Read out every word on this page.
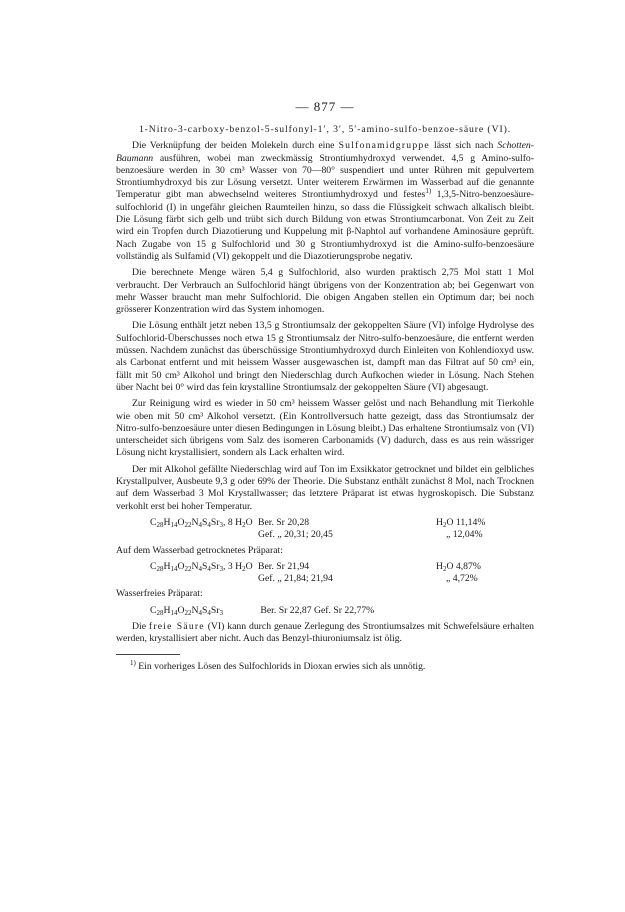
— 877 —
1-Nitro-3-carboxy-benzol-5-sulfonyl-1′, 3′, 5′-amino-sulfo-benzoe-säure (VI).

Die Verknüpfung der beiden Molekeln durch eine Sulfonamidgruppe lässt sich nach Schotten-Baumann ausführen, wobei man zweckmässig Strontiumhydroxyd verwendet. 4,5 g Amino-sulfo-benzoesäure werden in 30 cm³ Wasser von 70—80° suspendiert und unter Rühren mit gepulvertem Strontiumhydroxyd bis zur Lösung versetzt. Unter weiterem Erwärmen im Wasserbad auf die genannte Temperatur gibt man abwechselnd weiteres Strontiumhydroxyd und festes$^{1)}$ 1,3,5-Nitro-benzoesäure-sulfochlorid (I) in ungefähr gleichen Raumteilen hinzu, so dass die Flüssigkeit schwach alkalisch bleibt. Die Lösung färbt sich gelb und trübt sich durch Bildung von etwas Strontiumcarbonat. Von Zeit zu Zeit wird ein Tropfen durch Diazotierung und Kuppelung mit β-Naphtol auf vorhandene Aminosäure geprüft. Nach Zugabe von 15 g Sulfochlorid und 30 g Strontiumhydroxyd ist die Amino-sulfo-benzoesäure vollständig als Sulfamid (VI) gekoppelt und die Diazotierungsprobe negativ.

Die berechnete Menge wären 5,4 g Sulfochlorid, also wurden praktisch 2,75 Mol statt 1 Mol verbraucht. Der Verbrauch an Sulfochlorid hängt übrigens von der Konzentration ab; bei Gegenwart von mehr Wasser braucht man mehr Sulfochlorid. Die obigen Angaben stellen ein Optimum dar; bei noch grösserer Konzentration wird das System inhomogen.

Die Lösung enthält jetzt neben 13,5 g Strontiumsalz der gekoppelten Säure (VI) infolge Hydrolyse des Sulfochlorid-Überschusses noch etwa 15 g Strontiumsalz der Nitro-sulfo-benzoesäure, die entfernt werden müssen. Nachdem zunächst das überschüssige Strontiumhydroxyd durch Einleiten von Kohlendioxyd usw. als Carbonat entfernt und mit heissem Wasser ausgewaschen ist, dampft man das Filtrat auf 50 cm³ ein, fällt mit 50 cm³ Alkohol und bringt den Niederschlag durch Aufkochen wieder in Lösung. Nach Stehen über Nacht bei 0° wird das fein krystalline Strontiumsalz der gekoppelten Säure (VI) abgesaugt.

Zur Reinigung wird es wieder in 50 cm³ heissem Wasser gelöst und nach Behandlung mit Tierkohle wie oben mit 50 cm³ Alkohol versetzt. (Ein Kontrollversuch hatte gezeigt, dass das Strontiumsalz der Nitro-sulfo-benzoesäure unter diesen Bedingungen in Lösung bleibt.) Das erhaltene Strontiumsalz von (VI) unterscheidet sich übrigens vom Salz des isomeren Carbonamids (V) dadurch, dass es aus rein wässriger Lösung nicht krystallisiert, sondern als Lack erhalten wird.

Der mit Alkohol gefällte Niederschlag wird auf Ton im Exsikkator getrocknet und bildet ein gelbliches Krystallpulver, Ausbeute 9,3 g oder 69% der Theorie. Die Substanz enthält zunächst 8 Mol, nach Trocknen auf dem Wasserbad 3 Mol Krystallwasser; das letztere Präparat ist etwas hygroskopisch. Die Substanz verkohlt erst bei hoher Temperatur.

$C_{28}H_{14}O_{22}N_4S_4Sr_3$, 8 $H_2O$ Ber. Sr 20,28	$H_2O$ 11,14%
Gef. „ 20,31; 20,45	„ 12,04%

Auf dem Wasserbad getrocknetes Präparat:

$C_{28}H_{14}O_{22}N_4S_4Sr_3$, 3 $H_2O$ Ber. Sr 21,94	$H_2O$ 4,87%
Gef. „ 21,84; 21,94	„ 4,72%

Wasserfreies Präparat:

$C_{28}H_{14}O_{22}N_4S_4Sr_3$	Ber. Sr 22,87 Gef. Sr 22,77%

Die freie Säure (VI) kann durch genaue Zerlegung des Strontiumsalzes mit Schwefelsäure erhalten werden, krystallisiert aber nicht. Auch das Benzyl-thiuroniumsalz ist ölig.

$^{1)}$ Ein vorheriges Lösen des Sulfochlorids in Dioxan erwies sich als unnötig.
